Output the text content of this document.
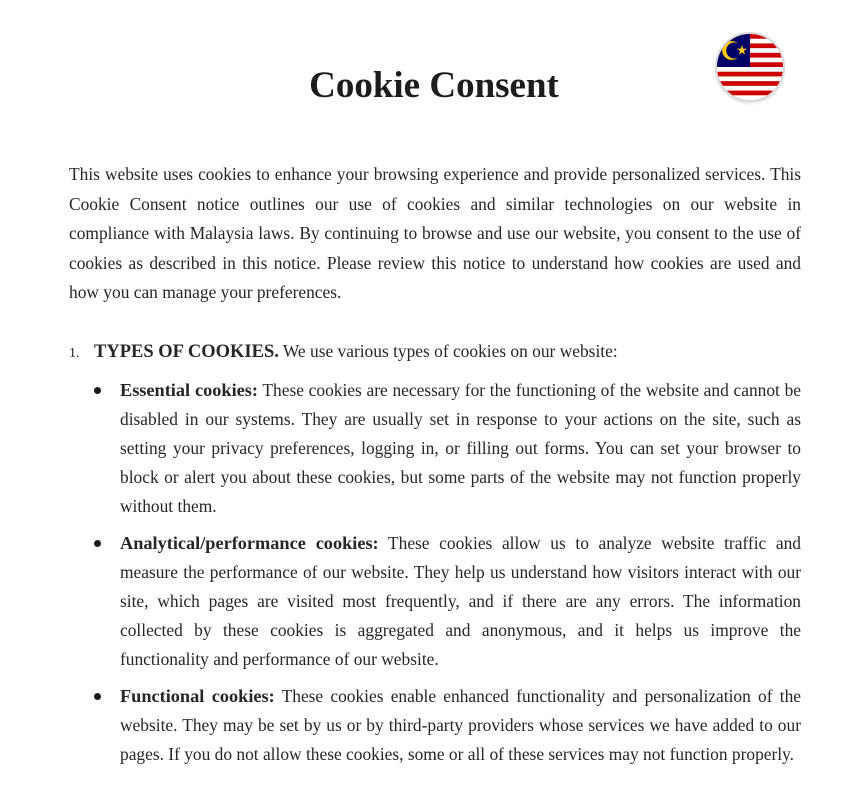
Cookie Consent

This website uses cookies to enhance your browsing experience and provide personalized services. This Cookie Consent notice outlines our use of cookies and similar technologies on our website in compliance with Malaysia laws. By continuing to browse and use our website, you consent to the use of cookies as described in this notice. Please review this notice to understand how cookies are used and how you can manage your preferences.

1. TYPES OF COOKIES. We use various types of cookies on our website:

Essential cookies: These cookies are necessary for the functioning of the website and cannot be disabled in our systems. They are usually set in response to your actions on the site, such as setting your privacy preferences, logging in, or filling out forms. You can set your browser to block or alert you about these cookies, but some parts of the website may not function properly without them.
Analytical/performance cookies: These cookies allow us to analyze website traffic and measure the performance of our website. They help us understand how visitors interact with our site, which pages are visited most frequently, and if there are any errors. The information collected by these cookies is aggregated and anonymous, and it helps us improve the functionality and performance of our website.
Functional cookies: These cookies enable enhanced functionality and personalization of the website. They may be set by us or by third-party providers whose services we have added to our pages. If you do not allow these cookies, some or all of these services may not function properly.
